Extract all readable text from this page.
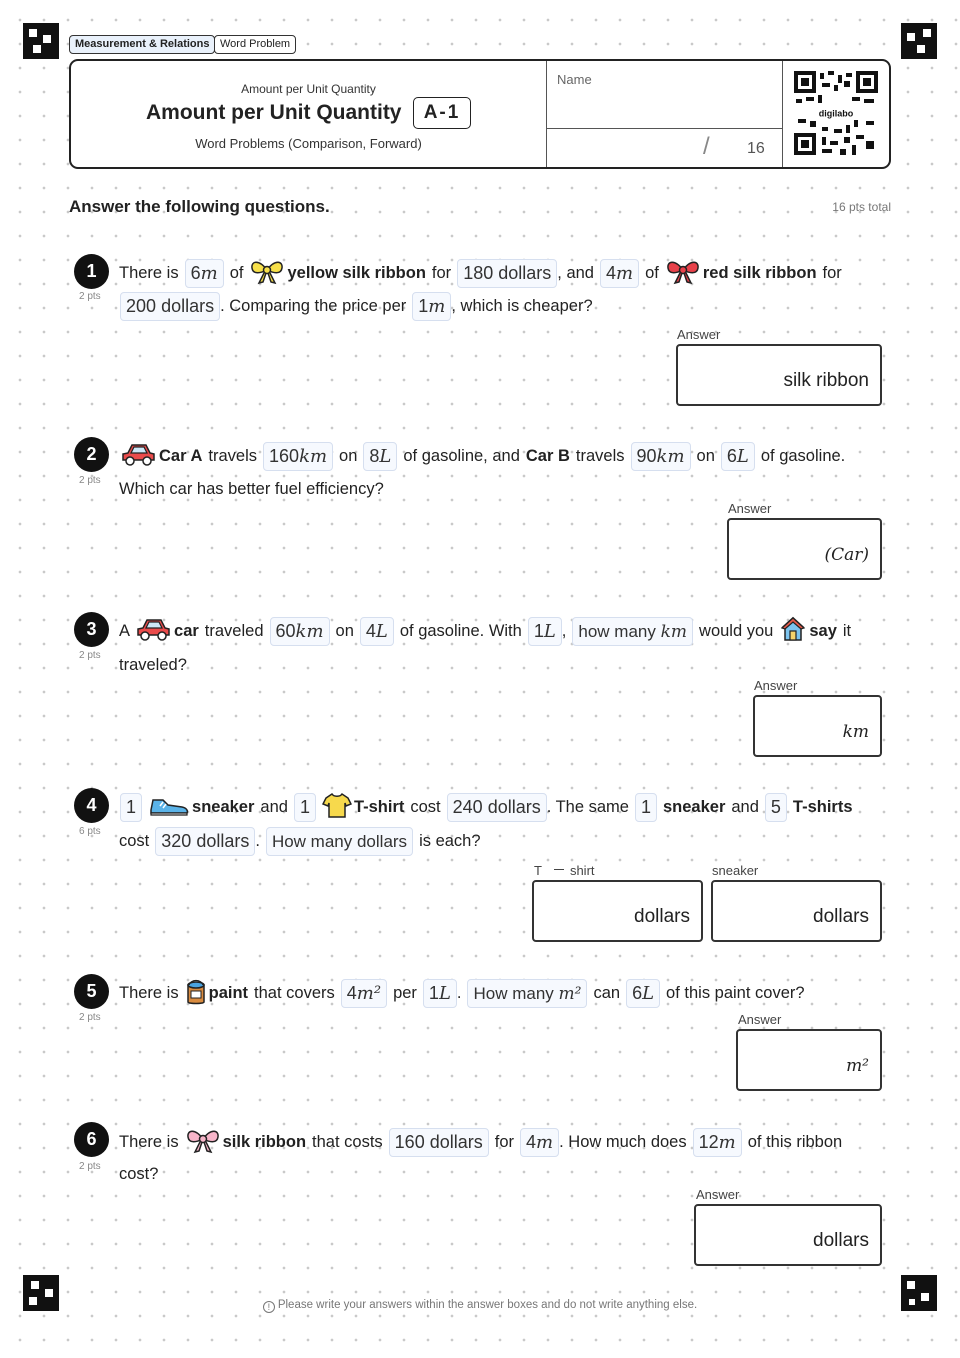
Measurement & Relations Word Problem
Amount per Unit Quantity
Amount per Unit Quantity	A-1
Word Problems (Comparison, Forward)
Name
/ 16
digilabo
Answer the following questions.	16 pts total
1
2 pts
There is 6m of	yellow silk ribbon for 180 dollars , and 4m of	red silk ribbon for
200 dollars . Comparing the price per 1m , which is cheaper?
Answer
silk ribbon
2
2 pts
Car A travels 160km on 8L of gasoline, and Car B travels 90km on 6L of gasoline.
Which car has better fuel efficiency?
Answer
(Car)
3
2 pts
A	car traveled 60km on 4L of gasoline. With 1L , how many km would you say it
traveled?
Answer
km
4
6 pts
1	sneaker and 1	T-shirt cost 240 dollars . The same 1 sneaker and 5 T-shirts
cost 320 dollars . How many dollars is each?
T shirt
dollars
sneaker
dollars
5
2 pts
There is paint that covers 4m² per 1L . How many m² can 6L of this paint cover?
Answer
m²
6
2 pts
There is	silk ribbon that costs 160 dollars for 4m . How much does 12m of this ribbon
cost?
Answer
dollars
! Please write your answers within the answer boxes and do not write anything else.
